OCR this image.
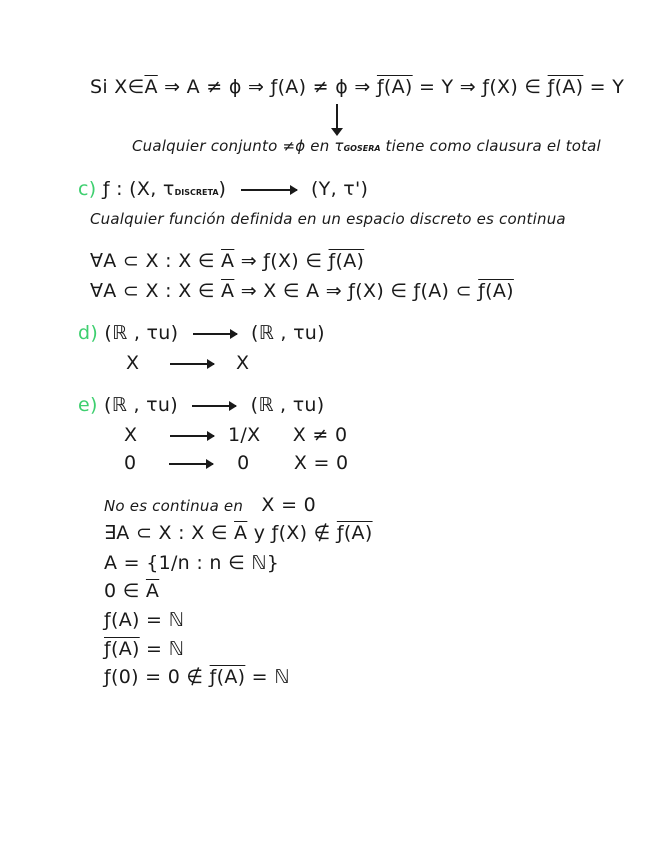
Si $X\in\overline{A}$ ⇒ A ≠ ϕ ⇒ ƒ(A) ≠ ϕ ⇒ ƒ(A) = Y ⇒ ƒ(X) ∈ ƒ(A) = Y
Cualquier conjunto ≠ϕ en τGOSERA tiene como clausura el total
c) ƒ : (X, τDISCRETA)	(Y, τ')
Cualquier función definida en un espacio discreto es continua
∀A ⊂ X : X ∈ $\overline{A}$ ⇒ ƒ(X) ∈ ƒ(A)
∀A ⊂ X : X ∈ $\overline{A}$ ⇒ X ∈ A ⇒ ƒ(X) ∈ ƒ(A) ⊂ ƒ(A)
d) (ℝ , τu)	(ℝ , τu)
X	X
e) (ℝ , τu)	(ℝ , τu)
X	1/X X ≠ 0
0	0 X = 0
No es continua en X = 0
∃A ⊂ X : X ∈ $\overline{A}$ y ƒ(X) ∉ ƒ(A)
A = {1/n : n ∈ ℕ}
0 ∈ $\overline{A}$
ƒ(A) = ℕ
ƒ(A) = ℕ
ƒ(0) = 0 ∉ ƒ(A) = ℕ
